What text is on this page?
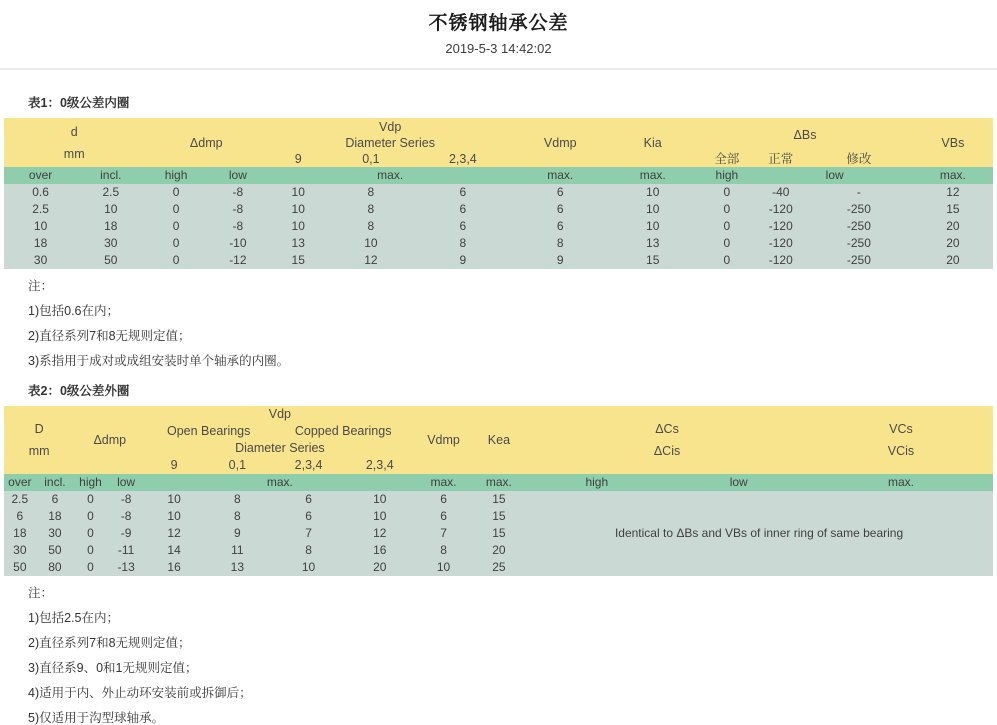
不锈钢轴承公差
2019-5-3 14:42:02
表1：0级公差内圈
d
mm
	Δdmp	
Vdp
Diameter Series	Vdmp	Kia	ΔBs	VBs
				9	0,1	2,3,4			全部	正常	修改	
over	incl.	high	low	max.			max.	max.	high	low		max.
0.6	2.5	0	-8	10	8	6	6	10	0	-40	-	12
2.5	10	0	-8	10	8	6	6	10	0	-120	-250	15
10	18	0	-8	10	8	6	6	10	0	-120	-250	20
18	30	0	-10	13	10	8	8	13	0	-120	-250	20
30	50	0	-12	15	12	9	9	15	0	-120	-250	20
注：
1)包括0.6在内；
2)直径系列7和8无规则定值；
3)系指用于成对或成组安装时单个轴承的内圈。
表2：0级公差外圈
D
mm
	Δdmp	Vdp	Vdmp	Kea	
ΔCs
ΔCis

VCs
VCis

				Open Bearings		Copped Bearings						
				Diameter Series								
				9	0,1	2,3,4	2,3,4					
over	incl.	high	low	max.				max.	max.	high	low	max.
2.5	6	0	-8	10	8	6	10	6	15	Identical to ΔBs and VBs of inner ring of same bearing		
6	18	0	-8	10	8	6	10	6	15			
18	30	0	-9	12	9	7	12	7	15			
30	50	0	-11	14	11	8	16	8	20			
50	80	0	-13	16	13	10	20	10	25			
注：
1)包括2.5在内；
2)直径系列7和8无规则定值；
3)直径系9、0和1无规则定值；
4)适用于内、外止动环安装前或拆御后；
5)仅适用于沟型球轴承。
